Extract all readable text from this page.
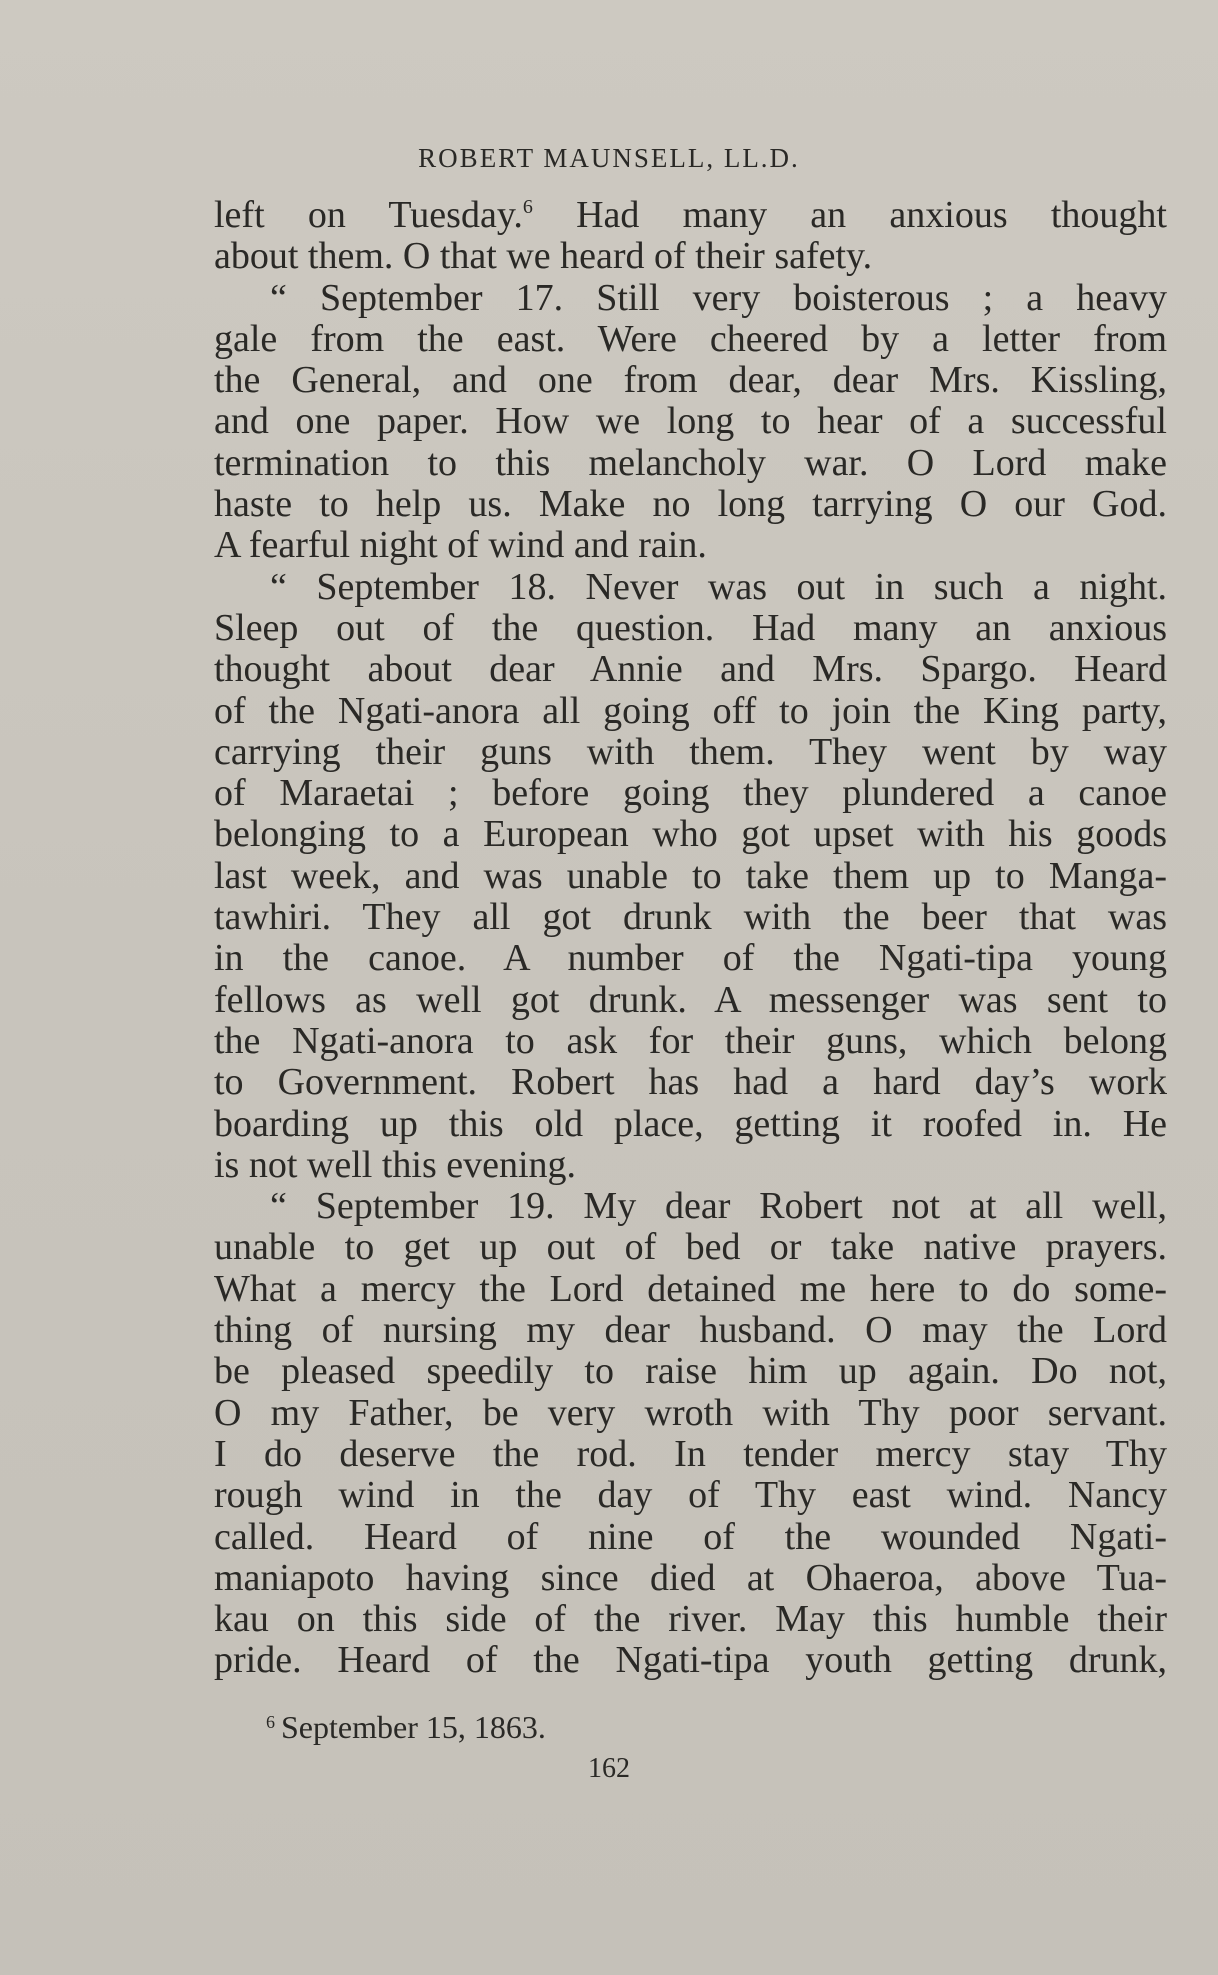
ROBERT MAUNSELL, LL.D.
left on Tuesday.$^6$ Had many an anxious thought
about them. O that we heard of their safety.
“ September 17. Still very boisterous ; a heavy
gale from the east. Were cheered by a letter from
the General, and one from dear, dear Mrs. Kissling,
and one paper. How we long to hear of a successful
termination to this melancholy war. O Lord make
haste to help us. Make no long tarrying O our God.
A fearful night of wind and rain.
“ September 18. Never was out in such a night.
Sleep out of the question. Had many an anxious
thought about dear Annie and Mrs. Spargo. Heard
of the Ngati-anora all going off to join the King party,
carrying their guns with them. They went by way
of Maraetai ; before going they plundered a canoe
belonging to a European who got upset with his goods
last week, and was unable to take them up to Manga-
tawhiri. They all got drunk with the beer that was
in the canoe. A number of the Ngati-tipa young
fellows as well got drunk. A messenger was sent to
the Ngati-anora to ask for their guns, which belong
to Government. Robert has had a hard day’s work
boarding up this old place, getting it roofed in. He
is not well this evening.
“ September 19. My dear Robert not at all well,
unable to get up out of bed or take native prayers.
What a mercy the Lord detained me here to do some-
thing of nursing my dear husband. O may the Lord
be pleased speedily to raise him up again. Do not,
O my Father, be very wroth with Thy poor servant.
I do deserve the rod. In tender mercy stay Thy
rough wind in the day of Thy east wind. Nancy
called. Heard of nine of the wounded Ngati-
maniapoto having since died at Ohaeroa, above Tua-
kau on this side of the river. May this humble their
pride. Heard of the Ngati-tipa youth getting drunk,
$^6$ September 15, 1863.
162
